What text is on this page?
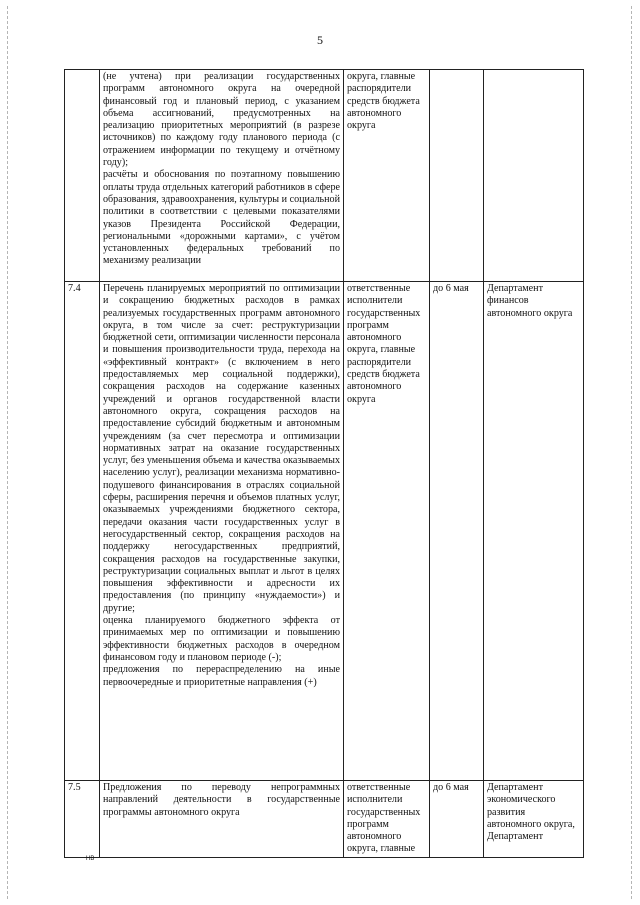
5

	(не учтена) при реализации государственных программ автономного округа на очередной финансовый год и плановый период, с указанием объема ассигнований, предусмотренных на реализацию приоритетных мероприятий (в разрезе источников) по каждому году планового периода (с отражением информации по текущему и отчётному году);
расчёты и обоснования по поэтапному повышению оплаты труда отдельных категорий работников в сфере образования, здравоохранения, культуры и социальной политики в соответствии с целевыми показателями указов Президента Российской Федерации, региональными «дорожными картами», с учётом установленных федеральных требований по механизму реализации	округа, главные распорядители средств бюджета автономного округа		
7.4	Перечень планируемых мероприятий по оптимизации и сокращению бюджетных расходов в рамках реализуемых государственных программ автономного округа, в том числе за счет: реструктуризации бюджетной сети, оптимизации численности персонала и повышения производительности труда, перехода на «эффективный контракт» (с включением в него предоставляемых мер социальной поддержки), сокращения расходов на содержание казенных учреждений и органов государственной власти автономного округа, сокращения расходов на предоставление субсидий бюджетным и автономным учреждениям (за счет пересмотра и оптимизации нормативных затрат на оказание государственных услуг, без уменьшения объема и качества оказываемых населению услуг), реализации механизма нормативно-подушевого финансирования в отраслях социальной сферы, расширения перечня и объемов платных услуг, оказываемых учреждениями бюджетного сектора, передачи оказания части государственных услуг в негосударственный сектор, сокращения расходов на поддержку негосударственных предприятий, сокращения расходов на государственные закупки, реструктуризации социальных выплат и льгот в целях повышения эффективности и адресности их предоставления (по принципу «нуждаемости») и другие;
оценка планируемого бюджетного эффекта от принимаемых мер по оптимизации и повышению эффективности бюджетных расходов в очередном финансовом году и плановом периоде (-);
предложения по перераспределению на иные первоочередные и приоритетные направления (+)	ответственные исполнители государственных программ автономного округа, главные распорядители средств бюджета автономного округа	до 6 мая	Департамент финансов автономного округа
7.5	Предложения по переводу непрограммных направлений деятельности в государственные программы автономного округа	ответственные исполнители государственных программ автономного округа, главные	до 6 мая	Департамент экономического развития автономного округа, Департамент
НВ
